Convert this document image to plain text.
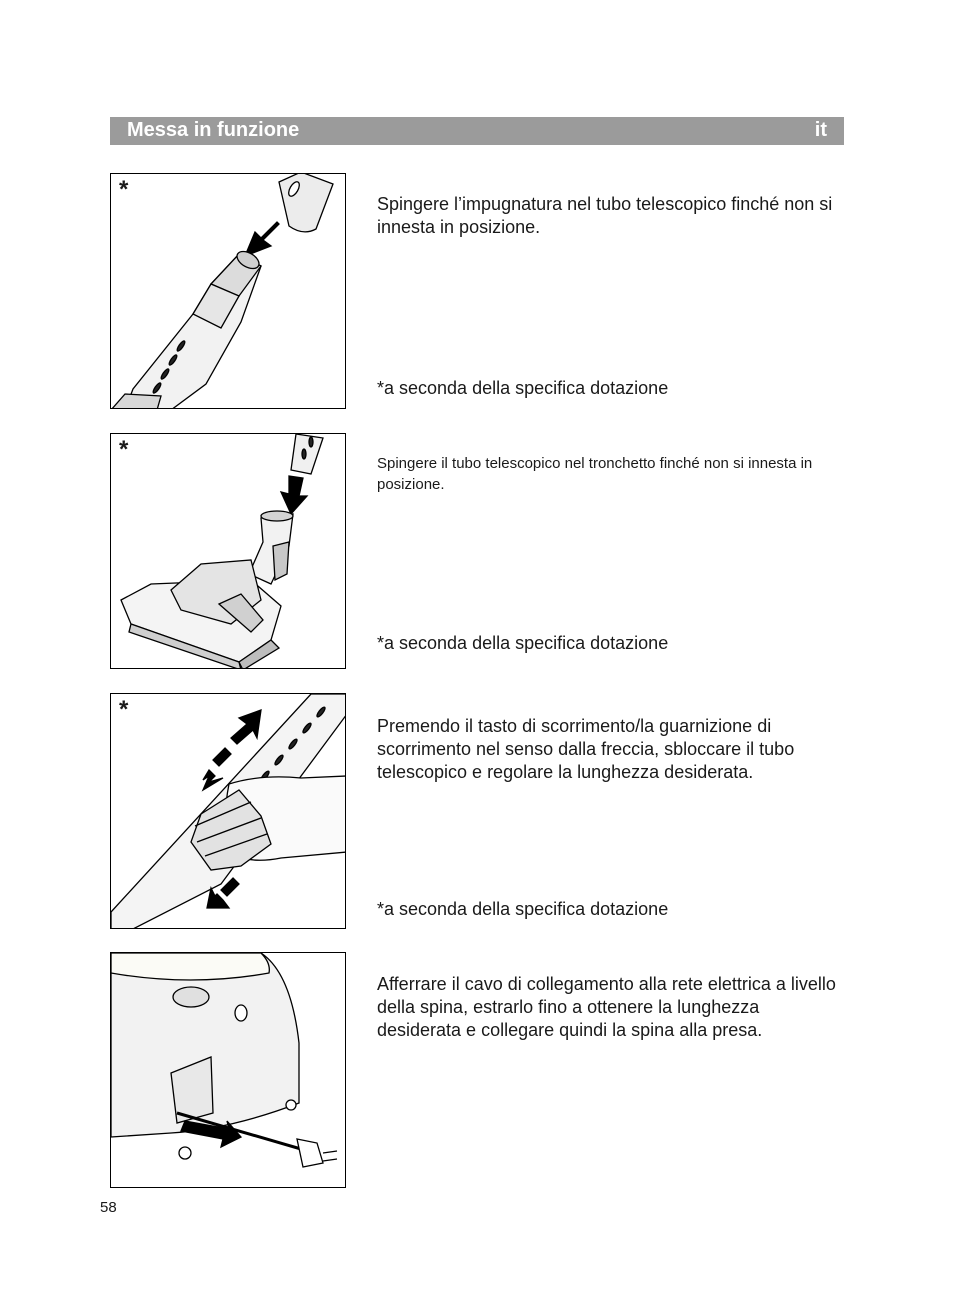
Messa in funzione	it
*
Spingere l’impugnatura nel tubo telescopico finché non si innesta in posizione.
*a seconda della specifica dotazione
*
Spingere il tubo telescopico nel tronchetto finché non si innesta in posizione.
*a seconda della specifica dotazione
*
Premendo il tasto di scorrimento/la guarnizione di scorrimento nel senso dalla freccia, sbloccare il tubo telescopico e regolare la lunghezza desiderata.
*a seconda della specifica dotazione
Afferrare il cavo di collegamento alla rete elettrica a livello della spina, estrarlo fino a ottenere la lunghezza desiderata e collegare quindi la spina alla presa.
58
